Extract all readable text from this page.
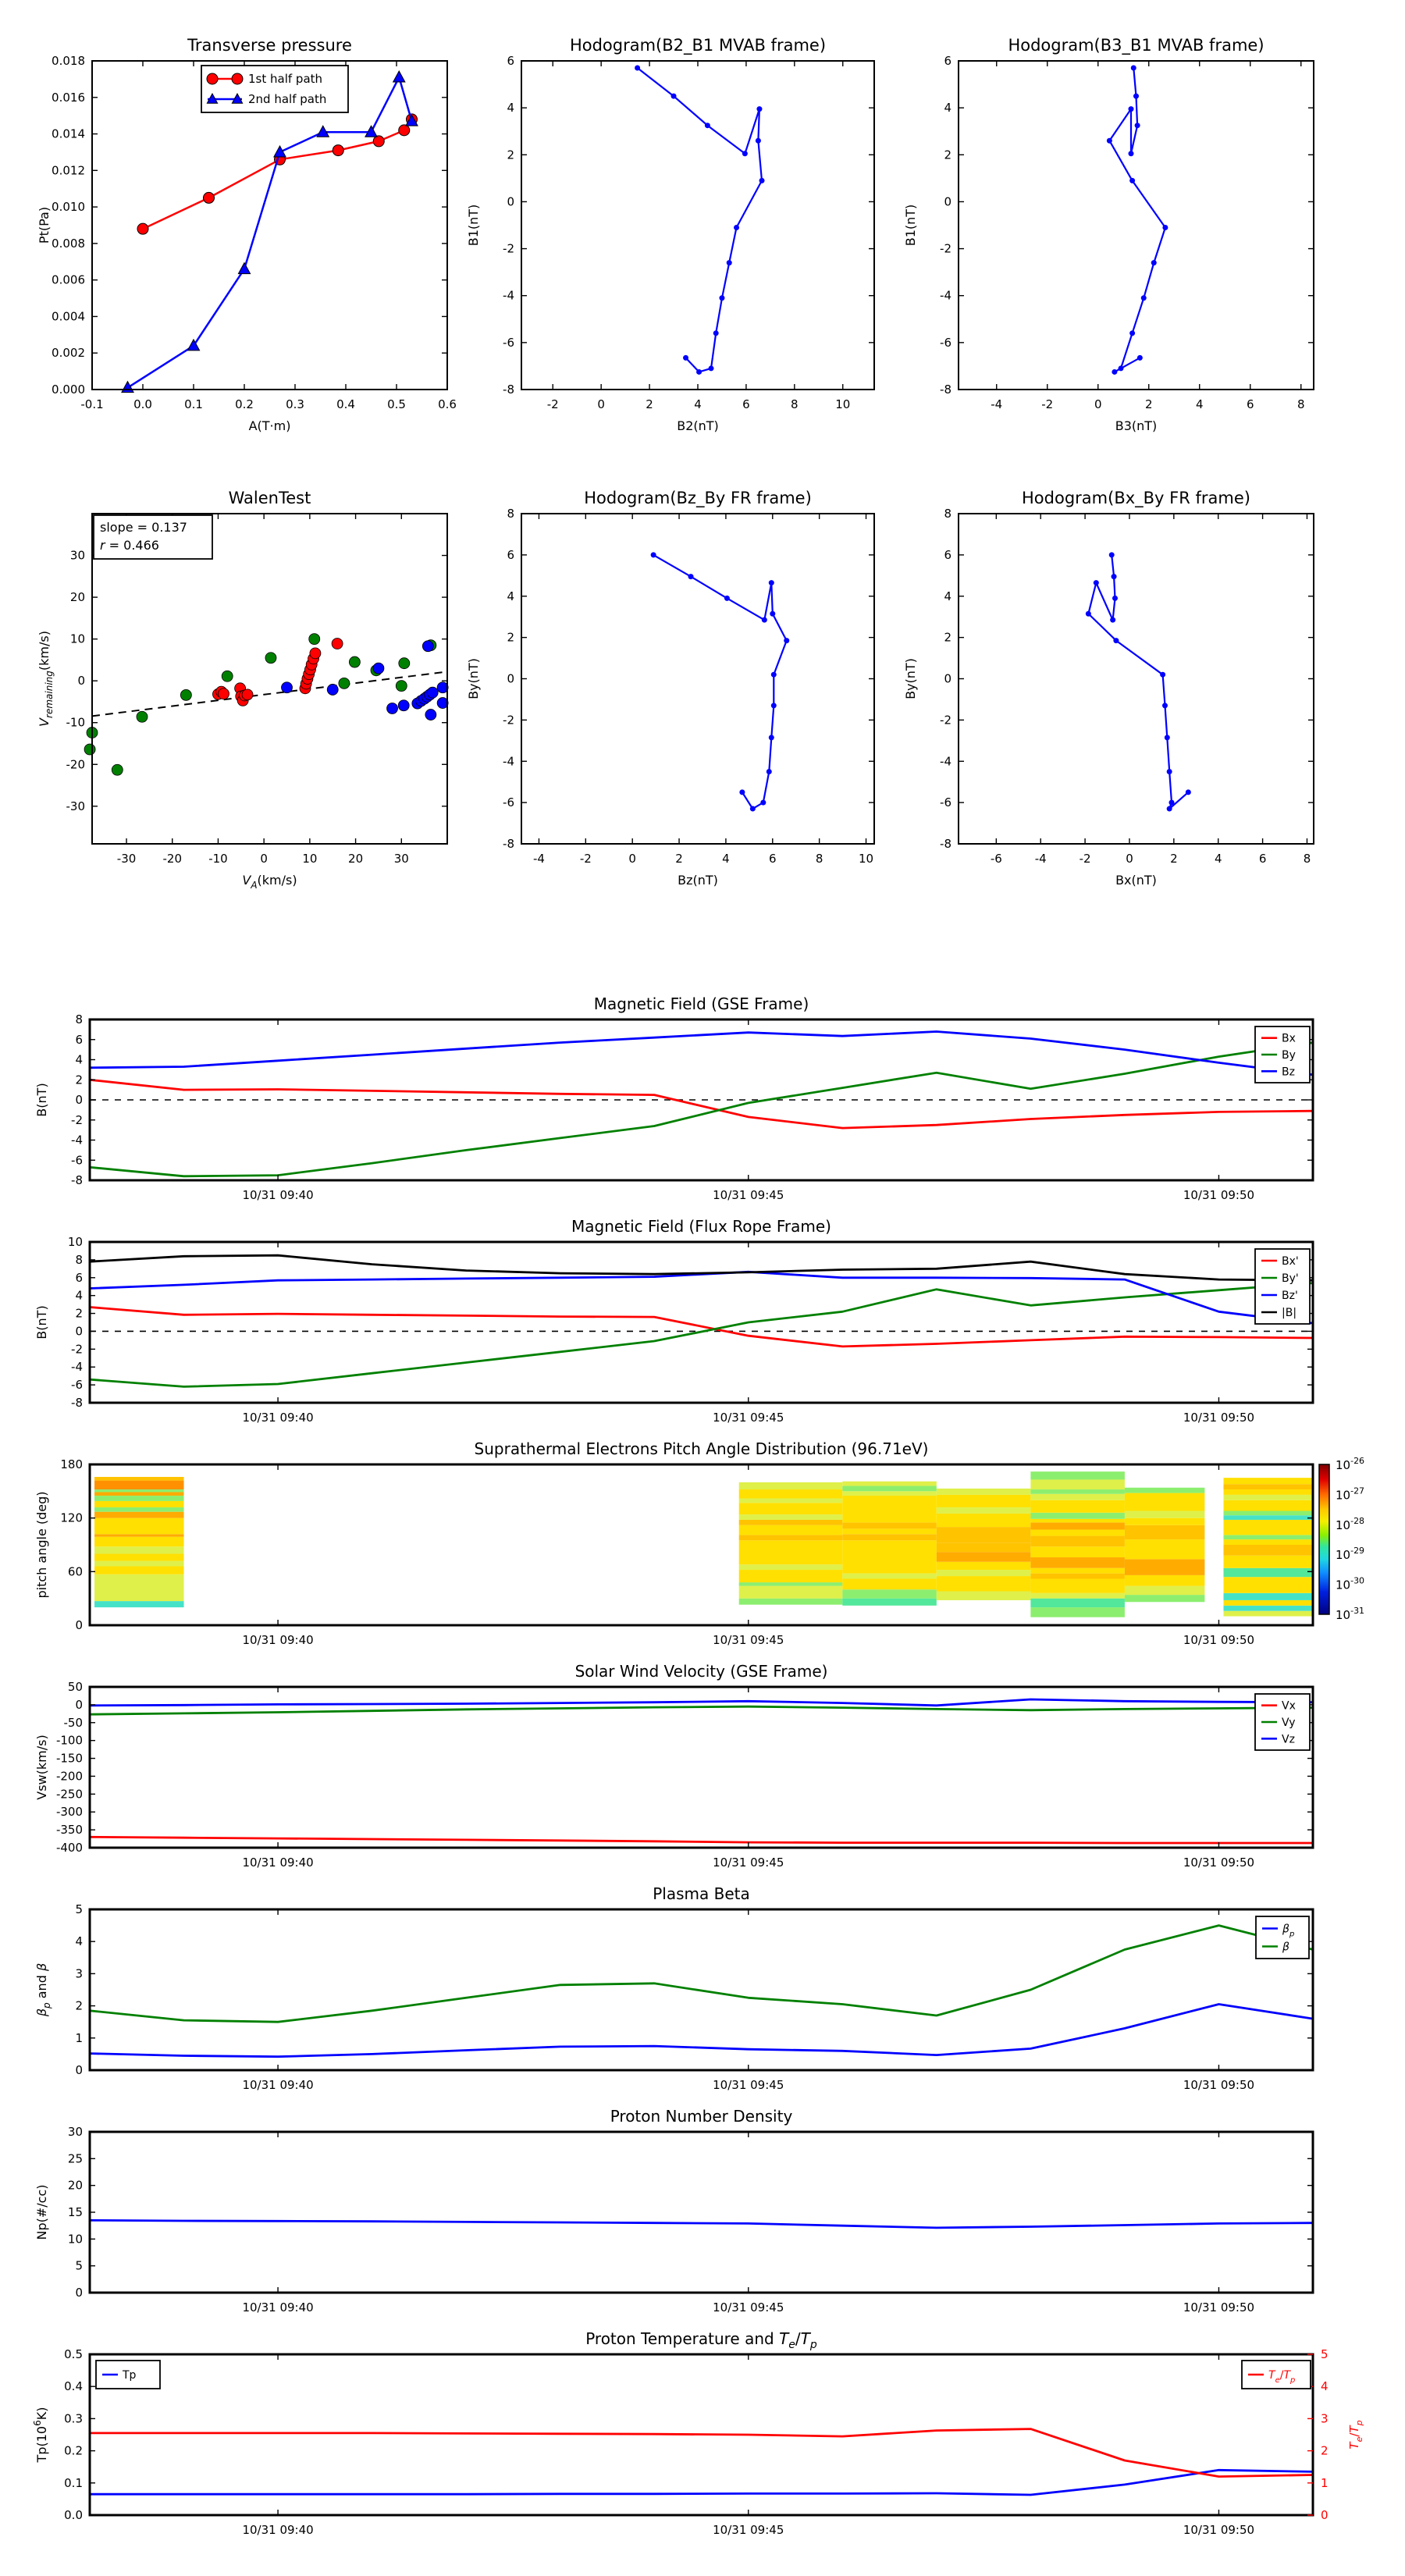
-0.1	0.0	0.1	0.2	0.3	0.4	0.5	0.6
0.000
0.002
0.004
0.006
0.008
0.010
0.012
0.014
0.016
0.018
A(T·m)
Pt(Pa)
Transverse pressure
1st half path
2nd half path
-2	0	2	4	6	8	10
-8
-6
-4
-2
0
2
4
6
B2(nT)
B1(nT)
Hodogram(B2_B1 MVAB frame)
-4	-2	0	2	4	6	8
-8
-6
-4
-2
0
2
4
6
B3(nT)
B1(nT)
Hodogram(B3_B1 MVAB frame)
-30 -20 -10	0	10	20	30
-30
-20
-10
0
10
20
30
$V_A(km/s)$
$V_{remaining}(km/s)$
WalenTest
slope = 0.137
r = 0.466
-4	-2	0	2	4	6	8	10
-8
-6
-4
-2
0
2
4
6
8
Bz(nT)
By(nT)
Hodogram(Bz_By FR frame)
-6	-4	-2	0	2	4	6	8
-8
-6
-4
-2
0
2
4
6
8
Bx(nT)
By(nT)
Hodogram(Bx_By FR frame)
10/31 09:40	10/31 09:45	10/31 09:50
-8
-6
-4
-2
0
2
4
6
8
B(nT)
Magnetic Field (GSE Frame)
Bx
By
Bz
10/31 09:40	10/31 09:45	10/31 09:50
-8
-6
-4
-2
0
2
4
6
8
10
B(nT)
Magnetic Field (Flux Rope Frame)
Bx'
By'
Bz'
|B|
10/31 09:40	10/31 09:45	10/31 09:50
0
60
120
180
pitch angle (deg)
Suprathermal Electrons Pitch Angle Distribution (96.71eV)
$10^{-26}$
$10^{-27}$
$10^{-28}$
$10^{-29}$
$10^{-30}$
$10^{-31}$
10/31 09:40	10/31 09:45	10/31 09:50
50
0
-50
-100
-150
-200
-250
-300
-350
-400
Vsw(km/s)
Solar Wind Velocity (GSE Frame)
Vx
Vy
Vz
10/31 09:40	10/31 09:45	10/31 09:50
0
1
2
3
4
5
$\beta_p$ and β
Plasma Beta
$\beta_p$
β
10/31 09:40	10/31 09:45	10/31 09:50
0
5
10
15
20
25
30
Np(#/cc)
Proton Number Density
10/31 09:40	10/31 09:45	10/31 09:50
0.0
0.1
0.2
0.3
0.4
0.5
0
1
2
3
4
5
$T_e/T_p$
$Tp(10^6K)$
Proton Temperature and $T_e/T_p$
Tp	$T_e/T_p$
